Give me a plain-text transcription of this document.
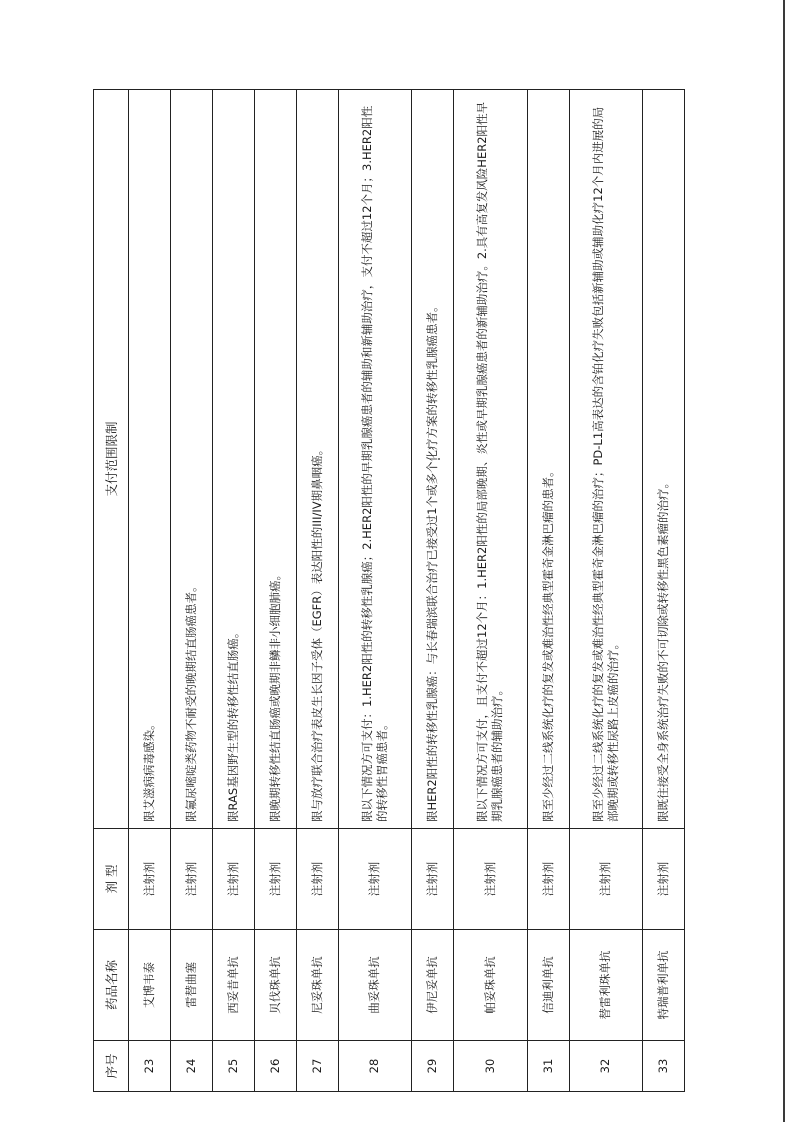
序号	药品名称	剂 型	支付范围限制
23	艾博韦泰	注射剂	限艾滋病病毒感染。
24	雷替曲塞	注射剂	限氟尿嘧啶类药物不耐受的晚期结直肠癌患者。
25	西妥昔单抗	注射剂	限RAS基因野生型的转移性结直肠癌。
26	贝伐珠单抗	注射剂	限晚期转移性结直肠癌或晚期非鳞非小细胞肺癌。
27	尼妥珠单抗	注射剂	限与放疗联合治疗表皮生长因子受体（EGFR）表达阳性的III/IV期鼻咽癌。
28	曲妥珠单抗	注射剂	限以下情况方可支付：1.HER2阳性的转移性乳腺癌；2.HER2阳性的早期乳腺癌患者的辅助和新辅助治疗，支付不超过12个月；3.HER2阳性的转移性胃癌患者。
29	伊尼妥单抗	注射剂	限HER2阳性的转移性乳腺癌：与长春瑞滨联合治疗已接受过1个或多个化疗方案的转移性乳腺癌患者。
30	帕妥珠单抗	注射剂	限以下情况方可支付，且支付不超过12个月：1.HER2阳性的局部晚期、炎性或早期乳腺癌患者的新辅助治疗。2.具有高复发风险HER2阳性早期乳腺癌患者的辅助治疗。
31	信迪利单抗	注射剂	限至少经过二线系统化疗的复发或难治性经典型霍奇金淋巴瘤的患者。
32	替雷利珠单抗	注射剂	限至少经过二线系统化疗的复发或难治性经典型霍奇金淋巴瘤的治疗；PD-L1高表达的含铂化疗失败包括新辅助或辅助化疗12个月内进展的局部晚期或转移性尿路上皮癌的治疗。
33	特瑞普利单抗	注射剂	限既往接受全身系统治疗失败的不可切除或转移性黑色素瘤的治疗。
